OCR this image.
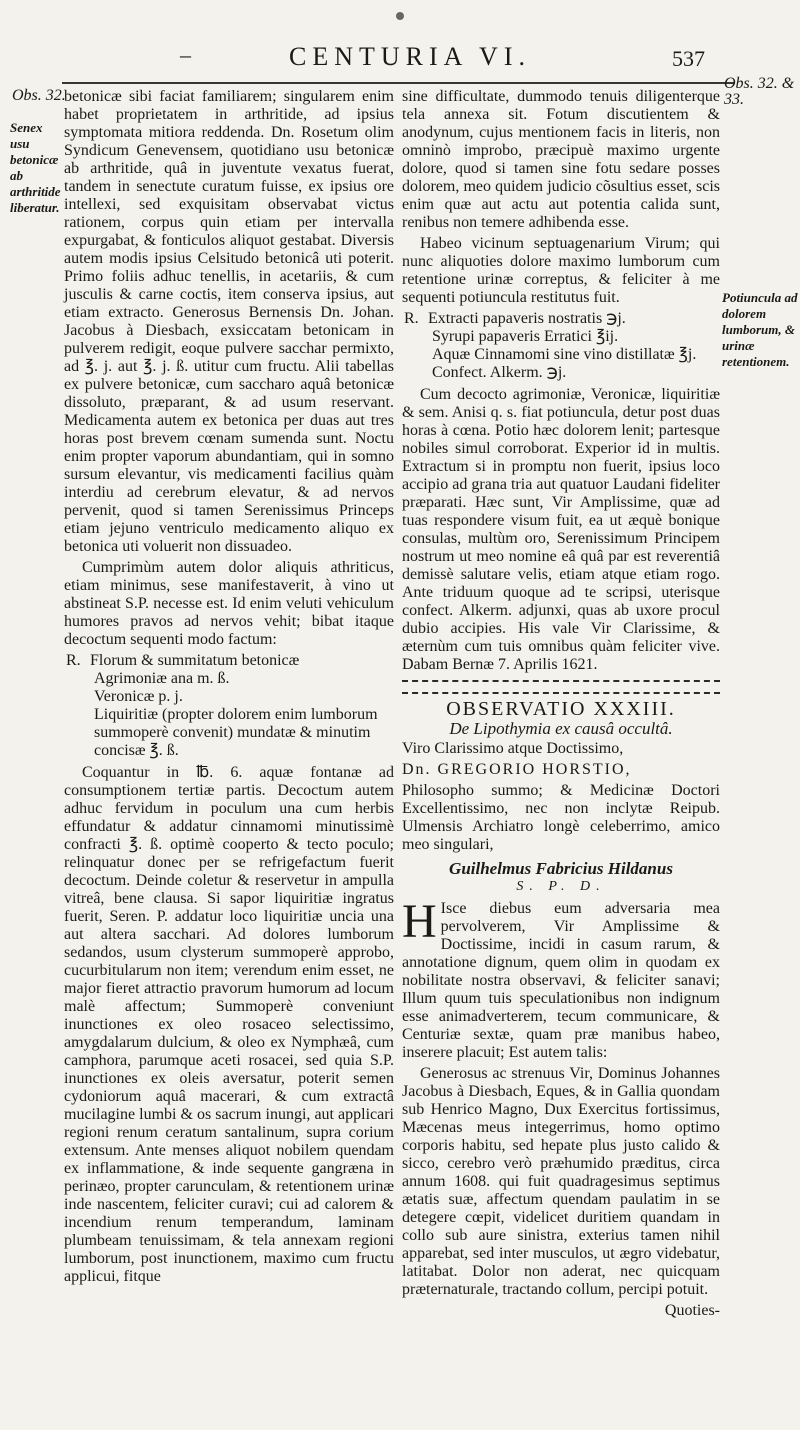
–	CENTURIA VI.	537
Obs. 32.
Senex usu betonicæ ab arthritide liberatur.
Obs. 32. & 33.
Potiuncula ad dolorem lumborum, & urinæ retentionem.

betonicæ sibi faciat familiarem; singularem enim habet proprietatem in arthritide, ad ipsius symptomata mitiora reddenda. Dn. Rosetum olim Syndicum Genevensem, quotidiano usu betonicæ ab arthritide, quâ in juventute vexatus fuerat, tandem in senectute curatum fuisse, ex ipsius ore intellexi, sed exquisitam observabat victus rationem, corpus quin etiam per intervalla expurgabat, & fonticulos aliquot gestabat. Diversis autem modis ipsius Celsitudo betonicâ uti poterit. Primo foliis adhuc tenellis, in acetariis, & cum jusculis & carne coctis, item conserva ipsius, aut etiam extracto. Generosus Bernensis Dn. Johan. Jacobus à Diesbach, exsiccatam betonicam in pulverem redigit, eoque pulvere sacchar permixto, ad ℥. j. aut ℥. j. ß. utitur cum fructu. Alii tabellas ex pulvere betonicæ, cum saccharo aquâ betonicæ dissoluto, præparant, & ad usum reservant. Medicamenta autem ex betonica per duas aut tres horas post brevem cœnam sumenda sunt. Noctu enim propter vaporum abundantiam, qui in somno sursum elevantur, vis medicamenti facilius quàm interdiu ad cerebrum elevatur, & ad nervos pervenit, quod si tamen Serenissimus Princeps etiam jejuno ventriculo medicamento aliquo ex betonica uti voluerit non dissuadeo.

Cumprimùm autem dolor aliquis athriticus, etiam minimus, sese manifestaverit, à vino ut abstineat S.P. necesse est. Id enim veluti vehiculum humores pravos ad nervos vehit; bibat itaque decoctum sequenti modo factum:

R. Florum & summitatum betonicæ
Agrimoniæ ana m. ß.
Veronicæ p. j.
Liquiritiæ (propter dolorem enim lumborum summoperè convenit) mundatæ & minutim concisæ ℥. ß.

Coquantur in ℔. 6. aquæ fontanæ ad consumptionem tertiæ partis. Decoctum autem adhuc fervidum in poculum una cum herbis effundatur & addatur cinnamomi minutissimè confracti ℥. ß. optimè cooperto & tecto poculo; relinquatur donec per se refrigefactum fuerit decoctum. Deinde coletur & reservetur in ampulla vitreâ, bene clausa. Si sapor liquiritiæ ingratus fuerit, Seren. P. addatur loco liquiritiæ uncia una aut altera sacchari. Ad dolores lumborum sedandos, usum clysterum summoperè approbo, cucurbitularum non item; verendum enim esset, ne major fieret attractio pravorum humorum ad locum malè affectum; Summoperè conveniunt inunctiones ex oleo rosaceo selectissimo, amygdalarum dulcium, & oleo ex Nymphæâ, cum camphora, parumque aceti rosacei, sed quia S.P. inunctiones ex oleis aversatur, poterit semen cydoniorum aquâ macerari, & cum extractâ mucilagine lumbi & os sacrum inungi, aut applicari regioni renum ceratum santalinum, supra corium extensum. Ante menses aliquot nobilem quendam ex inflammatione, & inde sequente gangræna in perinæo, propter carunculam, & retentionem urinæ inde nascentem, feliciter curavi; cui ad calorem & incendium renum temperandum, laminam plumbeam tenuissimam, & tela annexam regioni lumborum, post inunctionem, maximo cum fructu applicui, fitque

sine difficultate, dummodo tenuis diligenterque tela annexa sit. Fotum discutientem & anodynum, cujus mentionem facis in literis, non omninò improbo, præcipuè maximo urgente dolore, quod si tamen sine fotu sedare posses dolorem, meo quidem judicio cõsultius esset, scis enim quæ aut actu aut potentia calida sunt, renibus non temere adhibenda esse.

Habeo vicinum septuagenarium Virum; qui nunc aliquoties dolore maximo lumborum cum retentione urinæ correptus, & feliciter à me sequenti potiuncula restitutus fuit.

R. Extracti papaveris nostratis ℈j.
Syrupi papaveris Erratici ℥ij.
Aquæ Cinnamomi sine vino distillatæ ℥j.
Confect. Alkerm. ℈j.

Cum decocto agrimoniæ, Veronicæ, liquiritiæ & sem. Anisi q. s. fiat potiuncula, detur post duas horas à cœna. Potio hæc dolorem lenit; partesque nobiles simul corroborat. Experior id in multis. Extractum si in promptu non fuerit, ipsius loco accipio ad grana tria aut quatuor Laudani fideliter præparati. Hæc sunt, Vir Amplissime, quæ ad tuas respondere visum fuit, ea ut æquè bonique consulas, multùm oro, Serenissimum Principem nostrum ut meo nomine eâ quâ par est reverentiâ demissè salutare velis, etiam atque etiam rogo. Ante triduum quoque ad te scripsi, uterisque confect. Alkerm. adjunxi, quas ab uxore procul dubio accipies. His vale Vir Clarissime, & æternùm cum tuis omnibus quàm feliciter vive. Dabam Bernæ 7. Aprilis 1621.

OBSERVATIO XXXIII.
De Lipothymia ex causâ occultâ.

Viro Clarissimo atque Doctissimo,

Dn. GREGORIO HORSTIO,

Philosopho summo; & Medicinæ Doctori Excellentissimo, nec non inclytæ Reipub. Ulmensis Archiatro longè celeberrimo, amico meo singulari,

Guilhelmus Fabricius Hildanus
S. P. D.

H Isce diebus eum adversaria mea pervolverem, Vir Amplissime & Doctissime, incidi in casum rarum, & annotatione dignum, quem olim in quodam ex nobilitate nostra observavi, & feliciter sanavi; Illum quum tuis speculationibus non indignum esse animadverterem, tecum communicare, & Centuriæ sextæ, quam præ manibus habeo, inserere placuit; Est autem talis:

Generosus ac strenuus Vir, Dominus Johannes Jacobus à Diesbach, Eques, & in Gallia quondam sub Henrico Magno, Dux Exercitus fortissimus, Mæcenas meus integerrimus, homo optimo corporis habitu, sed hepate plus justo calido & sicco, cerebro verò præhumido præditus, circa annum 1608. qui fuit quadragesimus septimus ætatis suæ, affectum quendam paulatim in se detegere cœpit, videlicet duritiem quandam in collo sub aure sinistra, exterius tamen nihil apparebat, sed inter musculos, ut ægro videbatur, latitabat. Dolor non aderat, nec quicquam præternaturale, tractando collum, percipi potuit.

Quoties-
